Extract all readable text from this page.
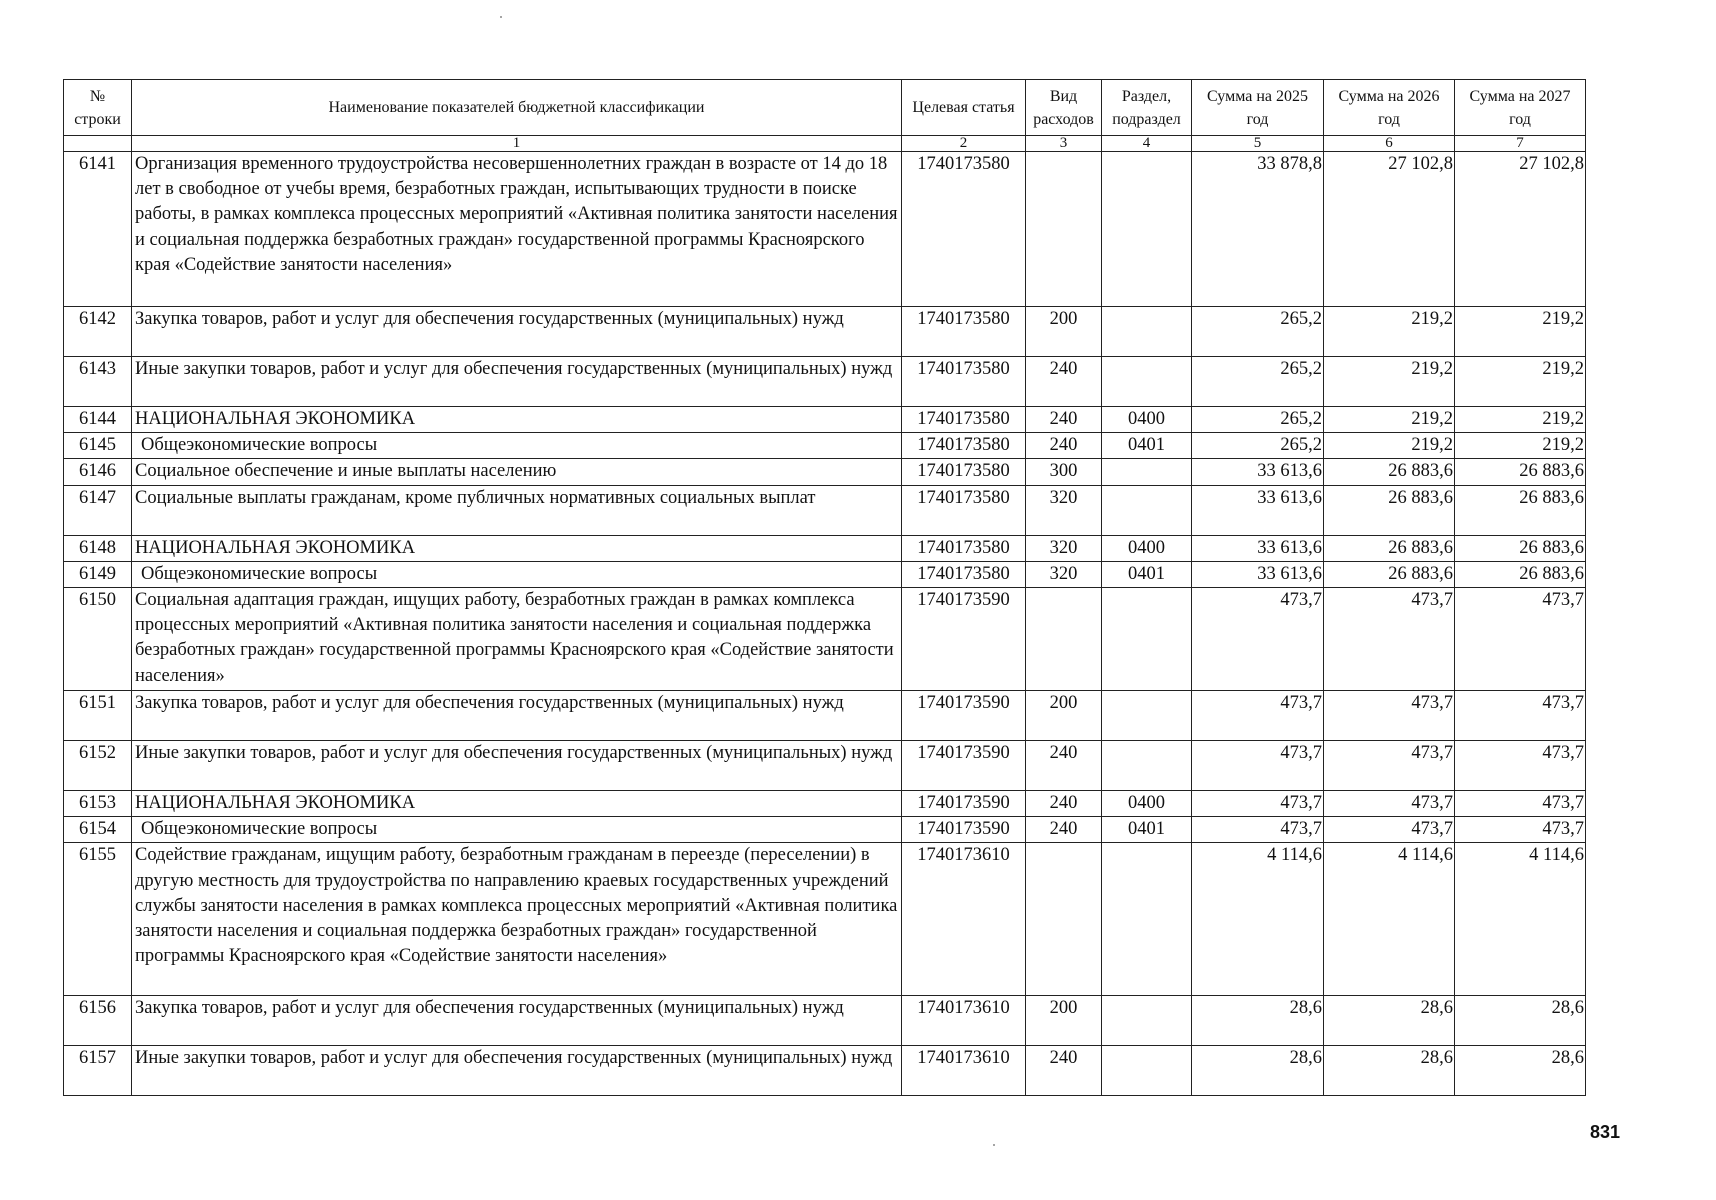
№ строки	Наименование показателей бюджетной классификации	Целевая статья	Вид расходов	Раздел, подраздел	Сумма на 2025 год	Сумма на 2026 год	Сумма на 2027 год
	1	2	3	4	5	6	7
6141	Организация временного трудоустройства несовершеннолетних граждан в возрасте от 14 до 18 лет в свободное от учебы время, безработных граждан, испытывающих трудности в поиске работы, в рамках комплекса процессных мероприятий «Активная политика занятости населения и социальная поддержка безработных граждан» государственной программы Красноярского края «Содействие занятости населения»	1740173580			33 878,8	27 102,8	27 102,8
6142	Закупка товаров, работ и услуг для обеспечения государственных (муниципальных) нужд	1740173580	200		265,2	219,2	219,2
6143	Иные закупки товаров, работ и услуг для обеспечения государственных (муниципальных) нужд	1740173580	240		265,2	219,2	219,2
6144	НАЦИОНАЛЬНАЯ ЭКОНОМИКА	1740173580	240	0400	265,2	219,2	219,2
6145	Общеэкономические вопросы	1740173580	240	0401	265,2	219,2	219,2
6146	Социальное обеспечение и иные выплаты населению	1740173580	300		33 613,6	26 883,6	26 883,6
6147	Социальные выплаты гражданам, кроме публичных нормативных социальных выплат	1740173580	320		33 613,6	26 883,6	26 883,6
6148	НАЦИОНАЛЬНАЯ ЭКОНОМИКА	1740173580	320	0400	33 613,6	26 883,6	26 883,6
6149	Общеэкономические вопросы	1740173580	320	0401	33 613,6	26 883,6	26 883,6
6150	Социальная адаптация граждан, ищущих работу, безработных граждан в рамках комплекса процессных мероприятий «Активная политика занятости населения и социальная поддержка безработных граждан» государственной программы Красноярского края «Содействие занятости населения»	1740173590			473,7	473,7	473,7
6151	Закупка товаров, работ и услуг для обеспечения государственных (муниципальных) нужд	1740173590	200		473,7	473,7	473,7
6152	Иные закупки товаров, работ и услуг для обеспечения государственных (муниципальных) нужд	1740173590	240		473,7	473,7	473,7
6153	НАЦИОНАЛЬНАЯ ЭКОНОМИКА	1740173590	240	0400	473,7	473,7	473,7
6154	Общеэкономические вопросы	1740173590	240	0401	473,7	473,7	473,7
6155	Содействие гражданам, ищущим работу, безработным гражданам в переезде (переселении) в другую местность для трудоустройства по направлению краевых государственных учреждений службы занятости населения в рамках комплекса процессных мероприятий «Активная политика занятости населения и социальная поддержка безработных граждан» государственной программы Красноярского края «Содействие занятости населения»	1740173610			4 114,6	4 114,6	4 114,6
6156	Закупка товаров, работ и услуг для обеспечения государственных (муниципальных) нужд	1740173610	200		28,6	28,6	28,6
6157	Иные закупки товаров, работ и услуг для обеспечения государственных (муниципальных) нужд	1740173610	240		28,6	28,6	28,6
831
